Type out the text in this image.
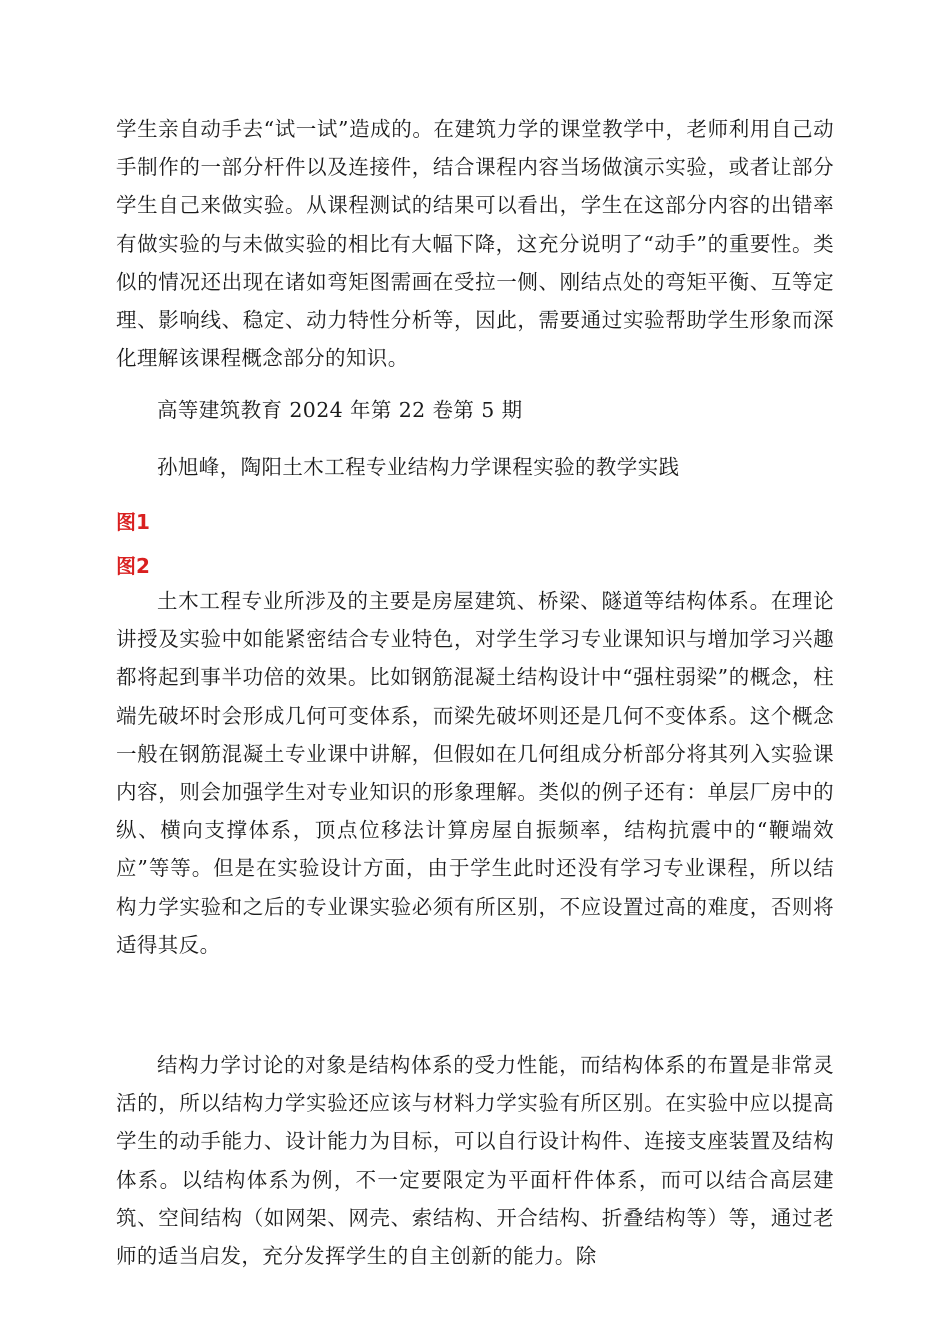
学生亲自动手去“试一试”造成的。在建筑力学的课堂教学中，老师利用自己动手制作的一部分杆件以及连接件，结合课程内容当场做演示实验，或者让部分学生自己来做实验。从课程测试的结果可以看出，学生在这部分内容的出错率有做实验的与未做实验的相比有大幅下降，这充分说明了“动手”的重要性。类似的情况还出现在诸如弯矩图需画在受拉一侧、刚结点处的弯矩平衡、互等定理、影响线、稳定、动力特性分析等，因此，需要通过实验帮助学生形象而深化理解该课程概念部分的知识。

高等建筑教育 2024 年第 22 卷第 5 期

孙旭峰，陶阳土木工程专业结构力学课程实验的教学实践

图1

图2

土木工程专业所涉及的主要是房屋建筑、桥梁、隧道等结构体系。在理论讲授及实验中如能紧密结合专业特色，对学生学习专业课知识与增加学习兴趣都将起到事半功倍的效果。比如钢筋混凝土结构设计中“强柱弱梁”的概念，柱端先破坏时会形成几何可变体系，而梁先破坏则还是几何不变体系。这个概念一般在钢筋混凝土专业课中讲解，但假如在几何组成分析部分将其列入实验课内容，则会加强学生对专业知识的形象理解。类似的例子还有：单层厂房中的纵、横向支撑体系，顶点位移法计算房屋自振频率，结构抗震中的“鞭端效应”等等。但是在实验设计方面，由于学生此时还没有学习专业课程，所以结构力学实验和之后的专业课实验必须有所区别，不应设置过高的难度，否则将适得其反。

结构力学讨论的对象是结构体系的受力性能，而结构体系的布置是非常灵活的，所以结构力学实验还应该与材料力学实验有所区别。在实验中应以提高学生的动手能力、设计能力为目标，可以自行设计构件、连接支座装置及结构体系。以结构体系为例，不一定要限定为平面杆件体系，而可以结合高层建筑、空间结构（如网架、网壳、索结构、开合结构、折叠结构等）等，通过老师的适当启发，充分发挥学生的自主创新的能力。除
